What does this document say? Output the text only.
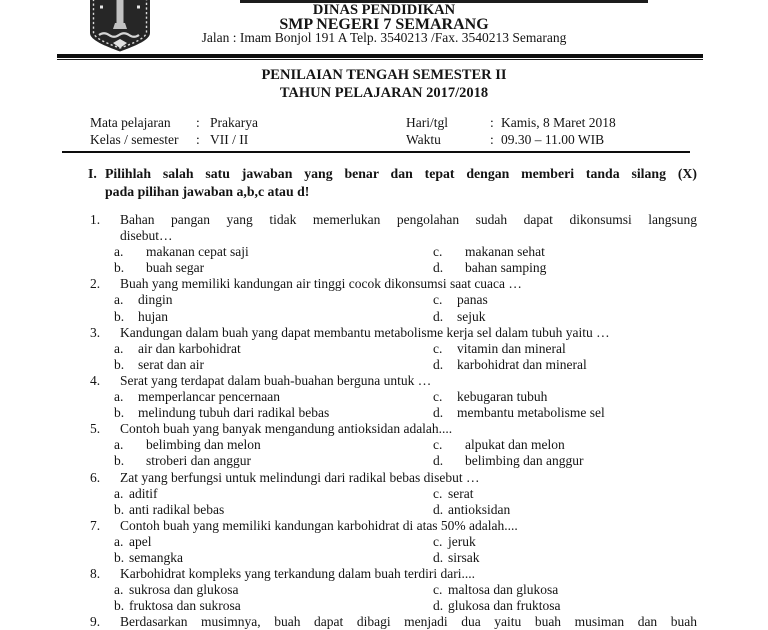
DINAS PENDIDIKAN
SMP NEGERI 7 SEMARANG
Jalan : Imam Bonjol 191 A Telp. 3540213 /Fax. 3540213 Semarang
PENILAIAN TENGAH SEMESTER II
TAHUN PELAJARAN 2017/2018
Mata pelajaran : Prakarya	Hari/tgl	: Kamis, 8 Maret 2018
Kelas / semester : VII / II	Waktu	: 09.30 – 11.00 WIB
I. Pilihlah salah satu jawaban yang benar dan tepat dengan memberi tanda silang (X)
pada pilihan jawaban a,b,c atau d!
1. Bahan pangan yang tidak memerlukan pengolahan sudah dapat dikonsumsi langsung
disebut…
a. makanan cepat saji	c. makanan sehat
b. buah segar	d. bahan samping
2. Buah yang memiliki kandungan air tinggi cocok dikonsumsi saat cuaca …
a. dingin	c. panas
b. hujan	d. sejuk
3. Kandungan dalam buah yang dapat membantu metabolisme kerja sel dalam tubuh yaitu …
a. air dan karbohidrat	c. vitamin dan mineral
b. serat dan air	d. karbohidrat dan mineral
4. Serat yang terdapat dalam buah-buahan berguna untuk …
a. memperlancar pencernaan	c. kebugaran tubuh
b. melindung tubuh dari radikal bebas	d. membantu metabolisme sel
5. Contoh buah yang banyak mengandung antioksidan adalah....
a. belimbing dan melon	c. alpukat dan melon
b. stroberi dan anggur	d. belimbing dan anggur
6. Zat yang berfungsi untuk melindungi dari radikal bebas disebut …
a. aditif	c. serat
b. anti radikal bebas	d. antioksidan
7. Contoh buah yang memiliki kandungan karbohidrat di atas 50% adalah....
a. apel	c. jeruk
b. semangka	d. sirsak
8. Karbohidrat kompleks yang terkandung dalam buah terdiri dari....
a. sukrosa dan glukosa	c. maltosa dan glukosa
b. fruktosa dan sukrosa	d. glukosa dan fruktosa
9. Berdasarkan musimnya, buah dapat dibagi menjadi dua yaitu buah musiman dan buah
